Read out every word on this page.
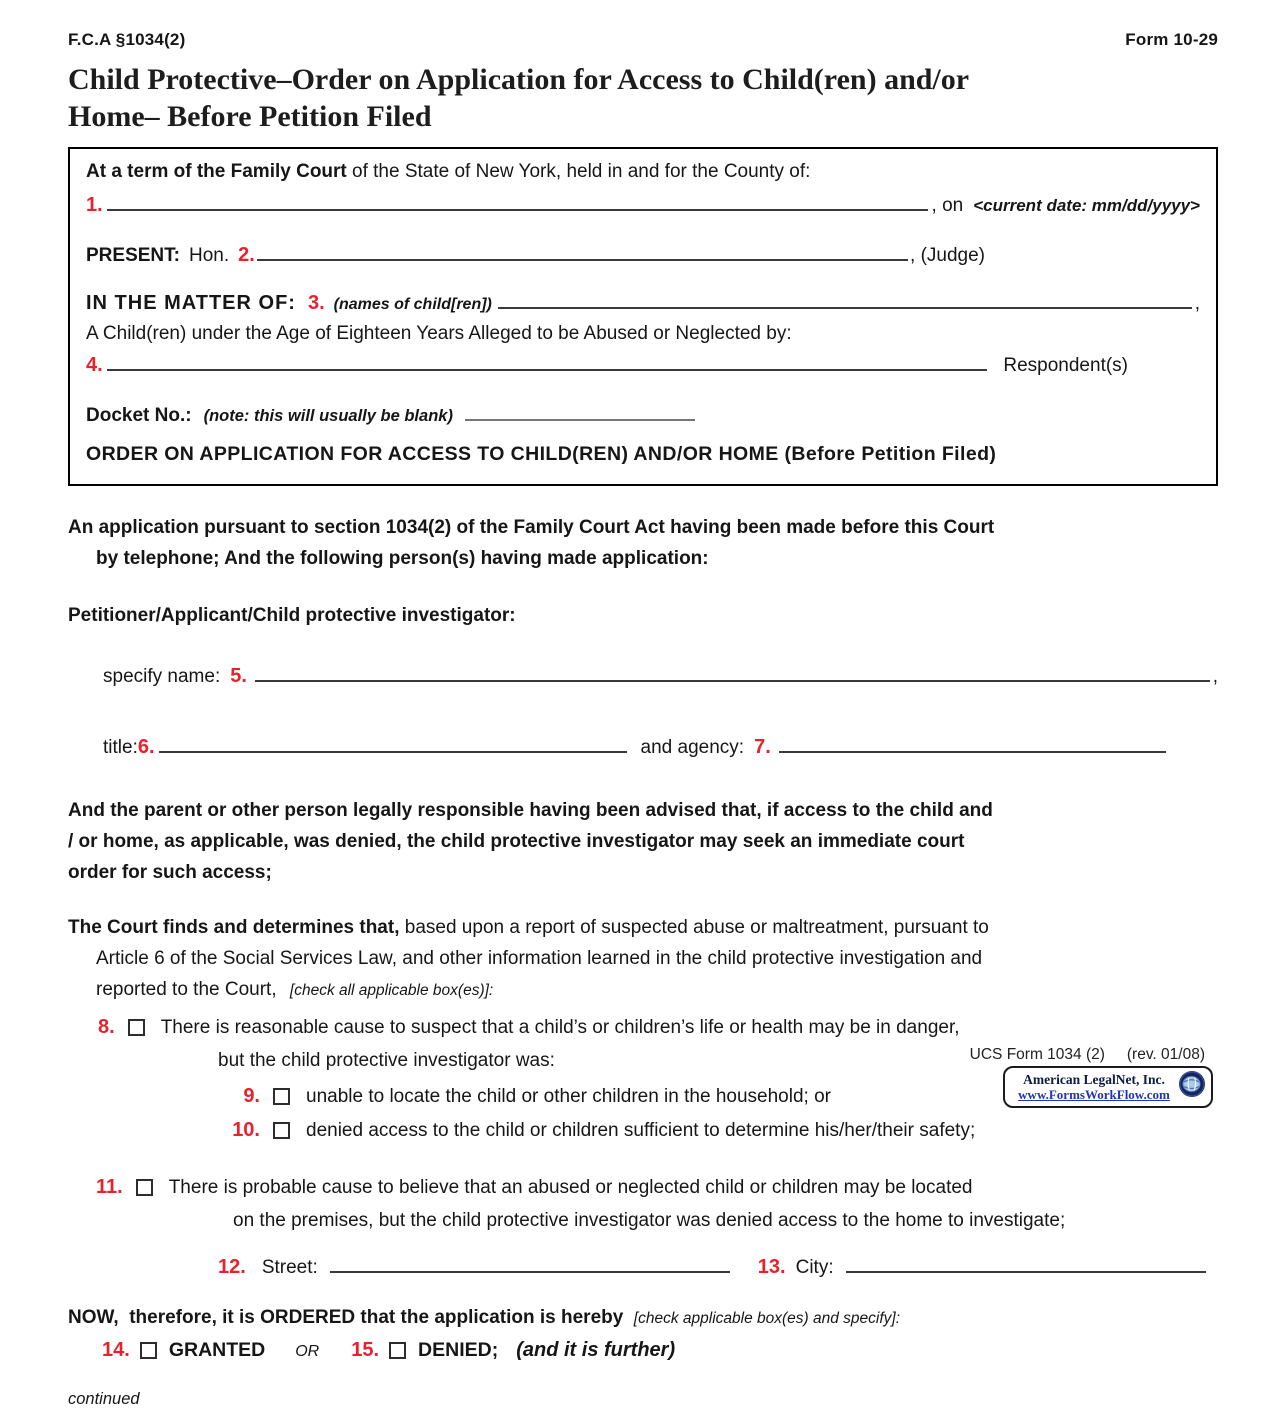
F.C.A §1034(2)	Form 10-29
Child Protective–Order on Application for Access to Child(ren) and/or
Home– Before Petition Filed
At a term of the Family Court of the State of New York, held in and for the County of:
1.	, on <current date: mm/dd/yyyy>
PRESENT: Hon. 2.	, (Judge)
IN THE MATTER OF: 3. (names of child[ren])	,
A Child(ren) under the Age of Eighteen Years Alleged to be Abused or Neglected by:
4.	Respondent(s)
Docket No.: (note: this will usually be blank)
ORDER ON APPLICATION FOR ACCESS TO CHILD(REN) AND/OR HOME (Before Petition Filed)
An application pursuant to section 1034(2) of the Family Court Act having been made before this Court
by telephone; And the following person(s) having made application:
Petitioner/Applicant/Child protective investigator:
specify name: 5.	,
title: 6.	and agency: 7.
And the parent or other person legally responsible having been advised that, if access to the child and
/ or home, as applicable, was denied, the child protective investigator may seek an immediate court
order for such access;
The Court finds and determines that, based upon a report of suspected abuse or maltreatment, pursuant to
Article 6 of the Social Services Law, and other information learned in the child protective investigation and
reported to the Court, [check all applicable box(es)]:
8. There is reasonable cause to suspect that a child’s or children’s life or health may be in danger,
but the child protective investigator was:
9. unable to locate the child or other children in the household; or
10. denied access to the child or children sufficient to determine his/her/their safety;
11. There is probable cause to believe that an abused or neglected child or children may be located
on the premises, but the child protective investigator was denied access to the home to investigate;
12. Street:	13. City:
NOW,  therefore, it is ORDERED that the application is hereby [check applicable box(es) and specify]:
14. GRANTED OR 15. DENIED; (and it is further)
continued
UCS Form 1034 (2) (rev. 01/08)
American LegalNet, Inc.
www.FormsWorkFlow.com
